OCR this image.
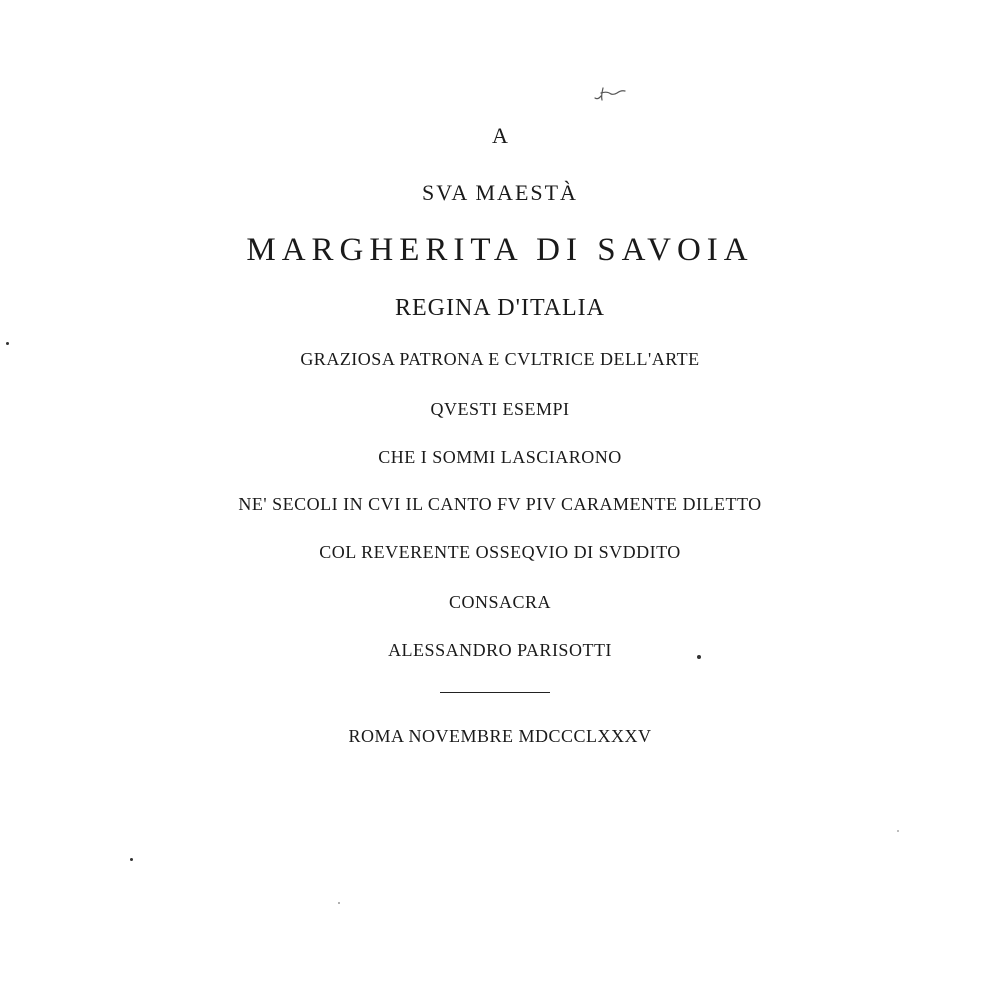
A
SVA MAESTÀ
MARGHERITA DI SAVOIA
REGINA D'ITALIA
GRAZIOSA PATRONA E CVLTRICE DELL'ARTE
QVESTI ESEMPI
CHE I SOMMI LASCIARONO
NE' SECOLI IN CVI IL CANTO FV PIV CARAMENTE DILETTO
COL REVERENTE OSSEQVIO DI SVDDITO
CONSACRA
ALESSANDRO PARISOTTI
ROMA NOVEMBRE MDCCCLXXXV
